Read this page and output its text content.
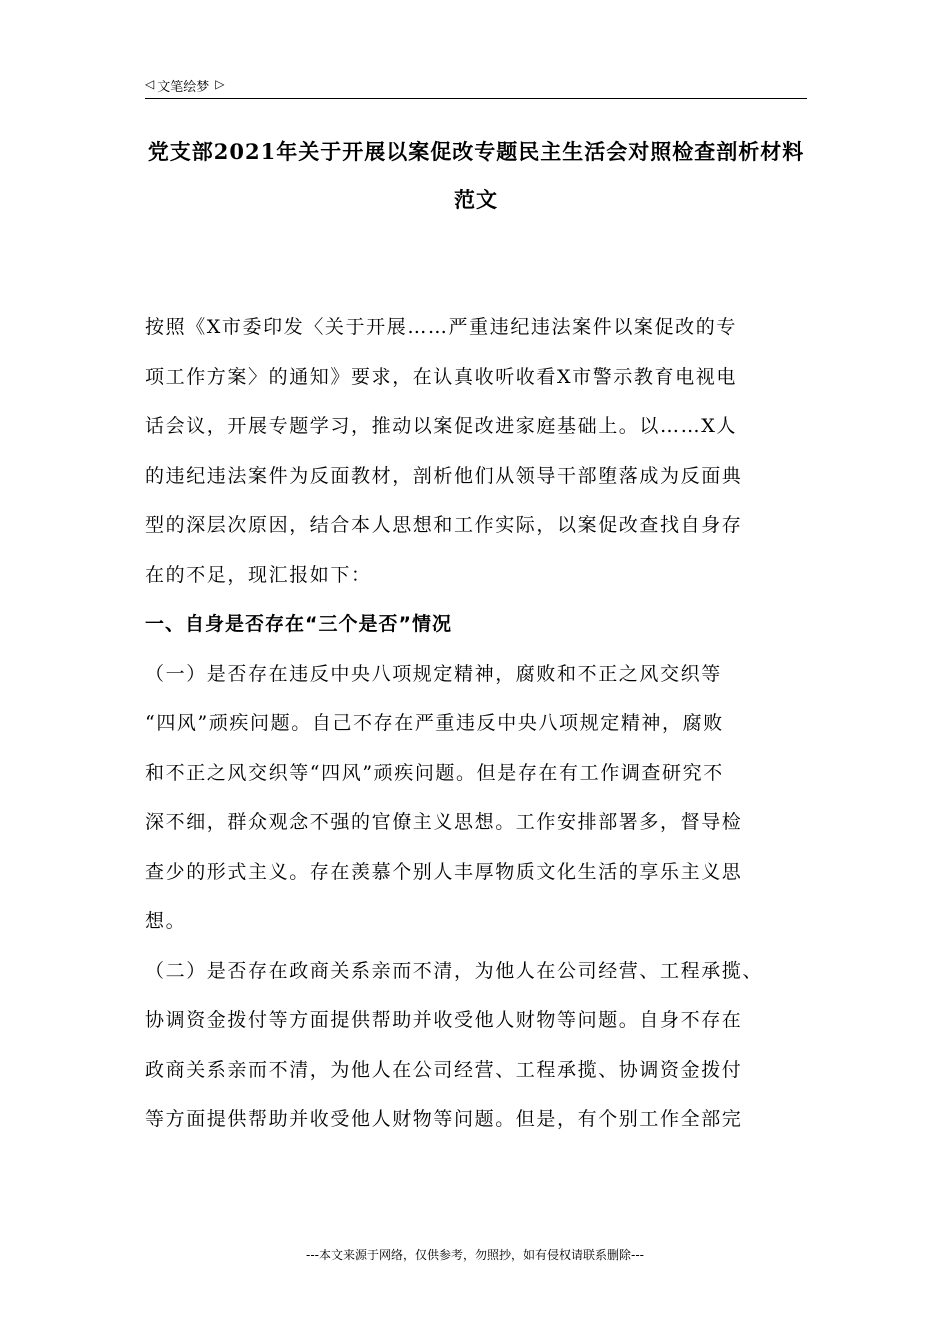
◁ 文笔绘梦 ▷
党支部2021年关于开展以案促改专题民主生活会对照检查剖析材料
范文
按照《X市委印发〈关于开展……严重违纪违法案件以案促改的专
项工作方案〉的通知》要求，在认真收听收看X市警示教育电视电
话会议，开展专题学习，推动以案促改进家庭基础上。以……X人
的违纪违法案件为反面教材，剖析他们从领导干部堕落成为反面典
型的深层次原因，结合本人思想和工作实际，以案促改查找自身存
在的不足，现汇报如下：
一、自身是否存在“三个是否”情况
（一）是否存在违反中央八项规定精神，腐败和不正之风交织等
“四风”顽疾问题。自己不存在严重违反中央八项规定精神，腐败
和不正之风交织等“四风”顽疾问题。但是存在有工作调查研究不
深不细，群众观念不强的官僚主义思想。工作安排部署多，督导检
查少的形式主义。存在羡慕个别人丰厚物质文化生活的享乐主义思
想。
（二）是否存在政商关系亲而不清，为他人在公司经营、工程承揽、
协调资金拨付等方面提供帮助并收受他人财物等问题。自身不存在
政商关系亲而不清，为他人在公司经营、工程承揽、协调资金拨付
等方面提供帮助并收受他人财物等问题。但是，有个别工作全部完
---本文来源于网络，仅供参考，勿照抄，如有侵权请联系删除---
